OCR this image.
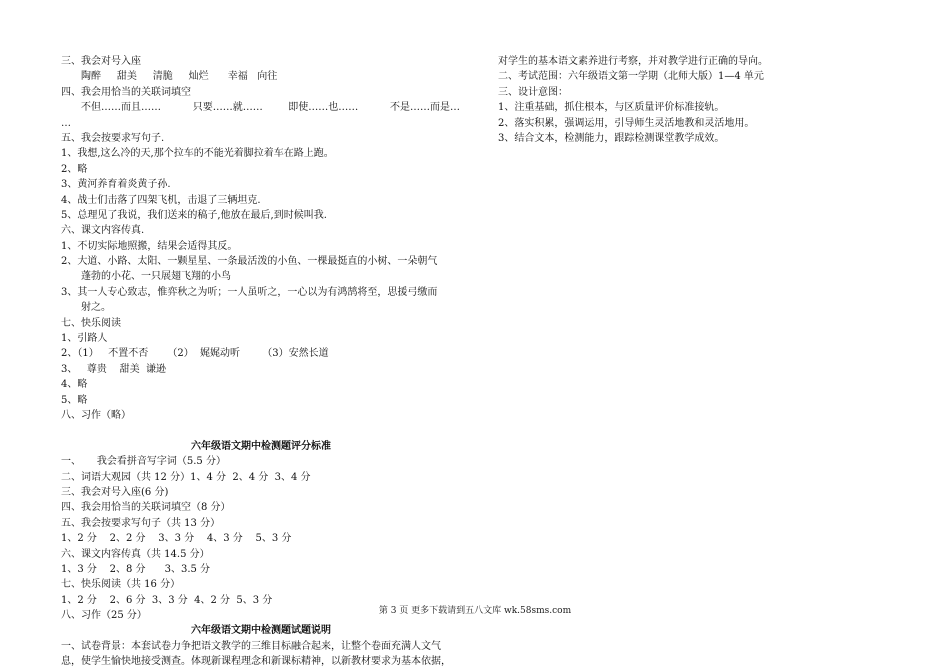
三、我会对号入座
陶醉     甜美     清脆     灿烂      幸福   向往
四、我会用恰当的关联词填空
不但……而且……          只要……就……        即使……也……          不是……而是…
…
五、我会按要求写句子.
1、我想,这么冷的天,那个拉车的不能光着脚拉着车在路上跑。
2、略
3、黄河养育着炎黄子孙.
4、战士们击落了四架飞机，击退了三辆坦克.
5、总理见了我说，我们送来的稿子,他放在最后,到时候叫我.
六、课文内容传真.
1、不切实际地照搬，结果会适得其反。
2、大道、小路、太阳、一颗星星、一条最活泼的小鱼、一棵最挺直的小树、一朵朝气
蓬勃的小花、一只展翅飞翔的小鸟
3、其一人专心致志，惟弈秋之为听；一人虽听之，一心以为有鸿鹄将至，思援弓缴而
射之。
七、快乐阅读
1、引路人
2、（1）   不置不否      （2）  娓娓动听       （3）安然长道
3、   尊贵    甜美  谦逊
4、略
5、略
八、习作（略）
六年级语文期中检测题评分标准
一、     我会看拼音写字词（5.5 分）
二、词语大观园（共 12 分）1、4 分  2、4 分  3、4 分
三、我会对号入座(6 分)
四、我会用恰当的关联词填空（8 分）
五、我会按要求写句子（共 13 分）
1、2 分    2、2 分    3、3 分    4、3 分    5、3 分
六、课文内容传真（共 14.5 分）
1、3 分    2、8 分      3、3.5 分
七、快乐阅读（共 16 分）
1、2 分    2、6 分  3、3 分  4、2 分  5、3 分
八、习作（25 分）
六年级语文期中检测题试题说明
一、试卷背景：本套试卷力争把语文教学的三维目标融合起来，让整个卷面充满人文气
息，使学生愉快地接受测查。体现新课程理念和新课标精神，以新教材要求为基本依据，
对学生的基本语文素养进行考察，并对教学进行正确的导向。
二、考试范围：六年级语文第一学期（北师大版）1—4 单元
三、设计意图：
1、注重基础，抓住根本，与区质量评价标准接轨。
2、落实积累，强调运用，引导师生灵活地教和灵活地用。
3、结合文本，检测能力，跟踪检测课堂教学成效。
第 3 页 更多下载请到五八文库 wk.58sms.com
